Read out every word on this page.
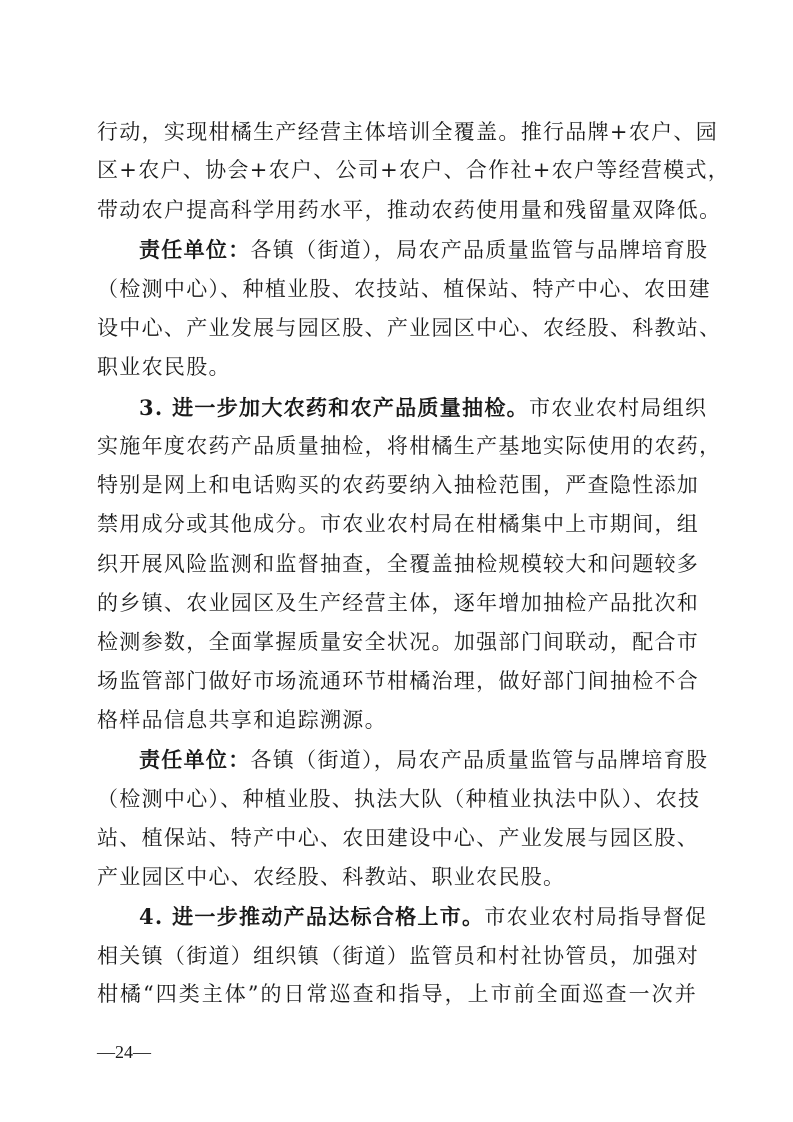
行动，实现柑橘生产经营主体培训全覆盖。推行品牌+农户、园
区+农户、协会+农户、公司+农户、合作社+农户等经营模式，
带动农户提高科学用药水平，推动农药使用量和残留量双降低。
责任单位：各镇（街道），局农产品质量监管与品牌培育股
（检测中心）、种植业股、农技站、植保站、特产中心、农田建
设中心、产业发展与园区股、产业园区中心、农经股、科教站、
职业农民股。
3. 进一步加大农药和农产品质量抽检。市农业农村局组织
实施年度农药产品质量抽检，将柑橘生产基地实际使用的农药，
特别是网上和电话购买的农药要纳入抽检范围，严查隐性添加
禁用成分或其他成分。市农业农村局在柑橘集中上市期间，组
织开展风险监测和监督抽查，全覆盖抽检规模较大和问题较多
的乡镇、农业园区及生产经营主体，逐年增加抽检产品批次和
检测参数，全面掌握质量安全状况。加强部门间联动，配合市
场监管部门做好市场流通环节柑橘治理，做好部门间抽检不合
格样品信息共享和追踪溯源。
责任单位：各镇（街道），局农产品质量监管与品牌培育股
（检测中心）、种植业股、执法大队（种植业执法中队）、农技
站、植保站、特产中心、农田建设中心、产业发展与园区股、
产业园区中心、农经股、科教站、职业农民股。
4. 进一步推动产品达标合格上市。市农业农村局指导督促
相关镇（街道）组织镇（街道）监管员和村社协管员，加强对
柑橘“四类主体”的日常巡查和指导，上市前全面巡查一次并
—24—
